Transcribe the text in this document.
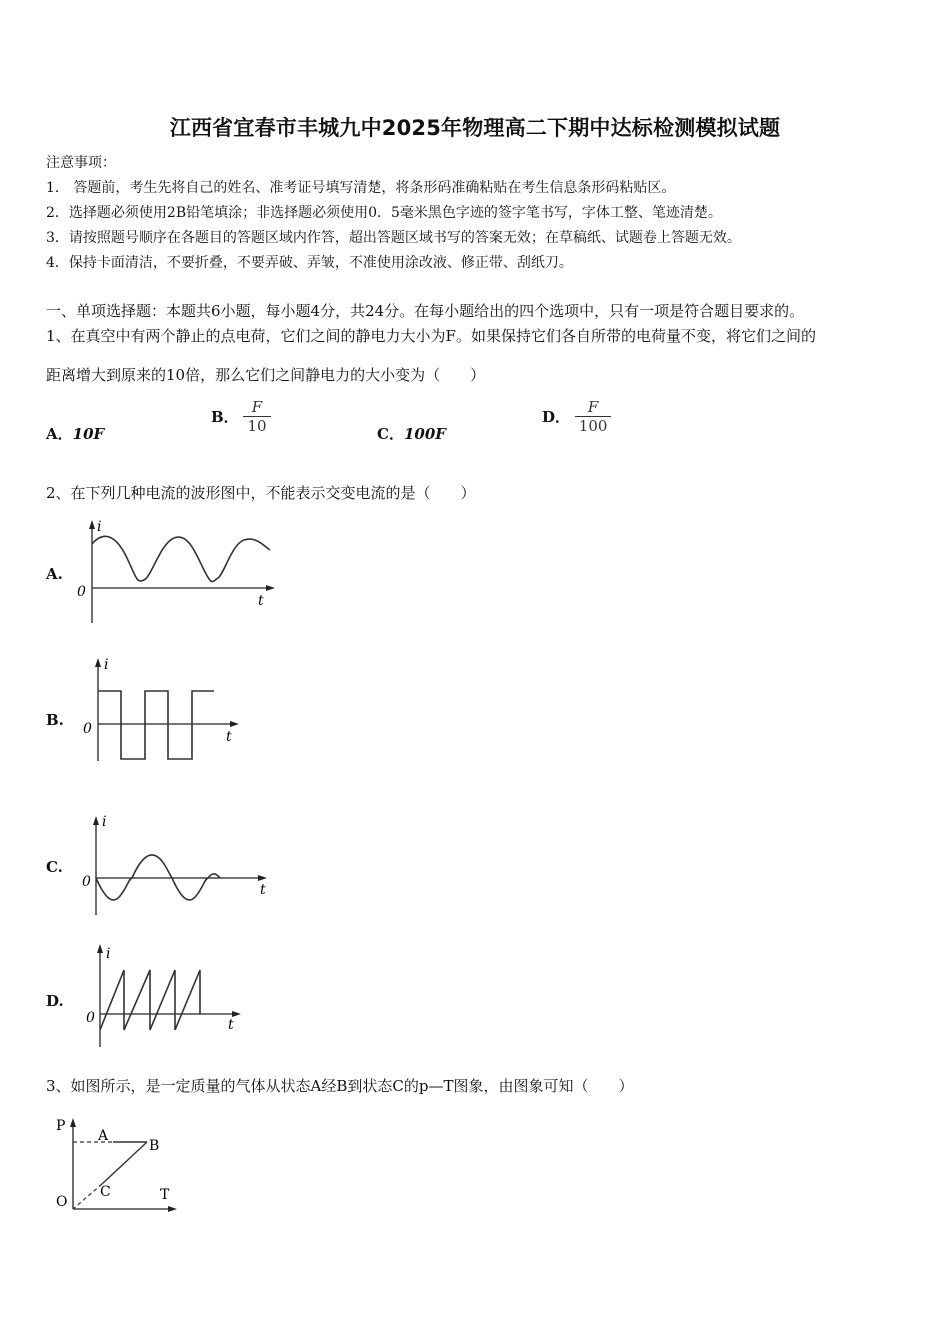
江西省宜春市丰城九中2025年物理高二下期中达标检测模拟试题
注意事项：
1． 答题前，考生先将自己的姓名、准考证号填写清楚，将条形码准确粘贴在考生信息条形码粘贴区。
2．选择题必须使用2B铅笔填涂；非选择题必须使用0．5毫米黑色字迹的签字笔书写，字体工整、笔迹清楚。
3．请按照题号顺序在各题目的答题区域内作答，超出答题区域书写的答案无效；在草稿纸、试题卷上答题无效。
4．保持卡面清洁，不要折叠，不要弄破、弄皱，不准使用涂改液、修正带、刮纸刀。
一、单项选择题：本题共6小题，每小题4分，共24分。在每小题给出的四个选项中，只有一项是符合题目要求的。
1、在真空中有两个静止的点电荷，它们之间的静电力大小为F。如果保持它们各自所带的电荷量不变，将它们之间的
距离增大到原来的10倍，那么它们之间静电力的大小变为（　　）
A．10F
B． $\frac{F}{10}$	C．100F
D． $\frac{F}{100}$
2、在下列几种电流的波形图中，不能表示交变电流的是（　　）
A.
i
0
t
B.
i
0	t
C.
i
0	t
D.
i
0	t
3、如图所示，是一定质量的气体从状态A经B到状态C的p—T图象，由图象可知（　　）
P
O	T
A
B
C
